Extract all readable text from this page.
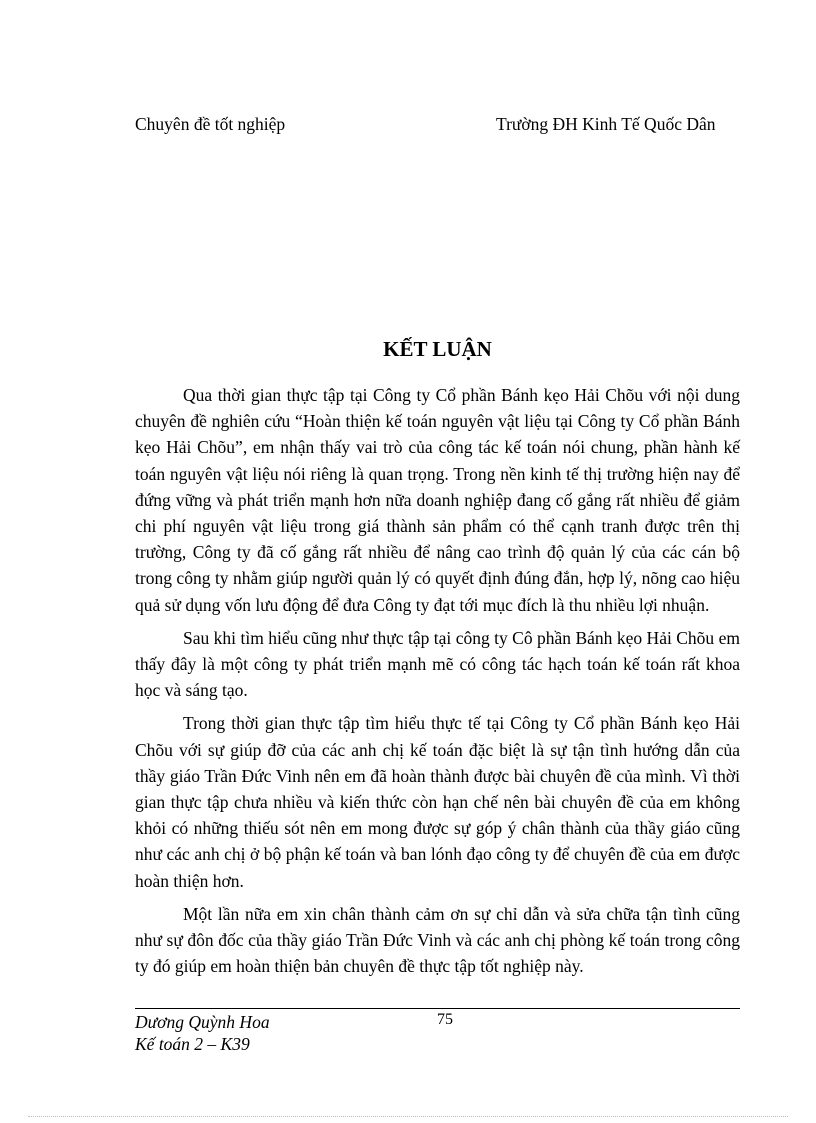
Chuyên đề tốt nghiệp	Trường ĐH Kinh Tế Quốc Dân
KẾT LUẬN

Qua thời gian thực tập tại Công ty Cổ phần Bánh kẹo Hải Chõu với nội dung chuyên đề nghiên cứu “Hoàn thiện kế toán nguyên vật liệu tại Công ty Cổ phần Bánh kẹo Hải Chõu”, em nhận thấy vai trò của công tác kế toán nói chung, phần hành kế toán nguyên vật liệu nói riêng là quan trọng. Trong nền kinh tế thị trường hiện nay để đứng vững và phát triển mạnh hơn nữa doanh nghiệp đang cố gắng rất nhiều để giảm chi phí nguyên vật liệu trong giá thành sản phẩm có thể cạnh tranh được trên thị trường, Công ty đã cố gắng rất nhiều để nâng cao trình độ quản lý của các cán bộ trong công ty nhằm giúp người quản lý có quyết định đúng đắn, hợp lý, nõng cao hiệu quả sử dụng vốn lưu động để đưa Công ty đạt tới mục đích là thu nhiều lợi nhuận.

Sau khi tìm hiểu cũng như thực tập tại công ty Cô phần Bánh kẹo Hải Chõu em thấy đây là một công ty phát triển mạnh mẽ có công tác hạch toán kế toán rất khoa học và sáng tạo.

Trong thời gian thực tập tìm hiểu thực tế tại Công ty Cổ phần Bánh kẹo Hải Chõu với sự giúp đỡ của các anh chị kế toán đặc biệt là sự tận tình hướng dẫn của thầy giáo Trần Đức Vinh nên em đã hoàn thành được bài chuyên đề của mình. Vì thời gian thực tập chưa nhiều và kiến thức còn hạn chế nên bài chuyên đề của em không khỏi có những thiếu sót nên em mong được sự góp ý chân thành của thầy giáo cũng như các anh chị ở bộ phận kế toán và ban lónh đạo công ty để chuyên đề của em được hoàn thiện hơn.

Một lần nữa em xin chân thành cảm ơn sự chỉ dẫn và sửa chữa tận tình cũng như sự đôn đốc của thầy giáo Trần Đức Vinh và các anh chị phòng kế toán trong công ty đó giúp em hoàn thiện bản chuyên đề thực tập tốt nghiệp này.

Dương Quỳnh Hoa
Kế toán 2 – K39
75
